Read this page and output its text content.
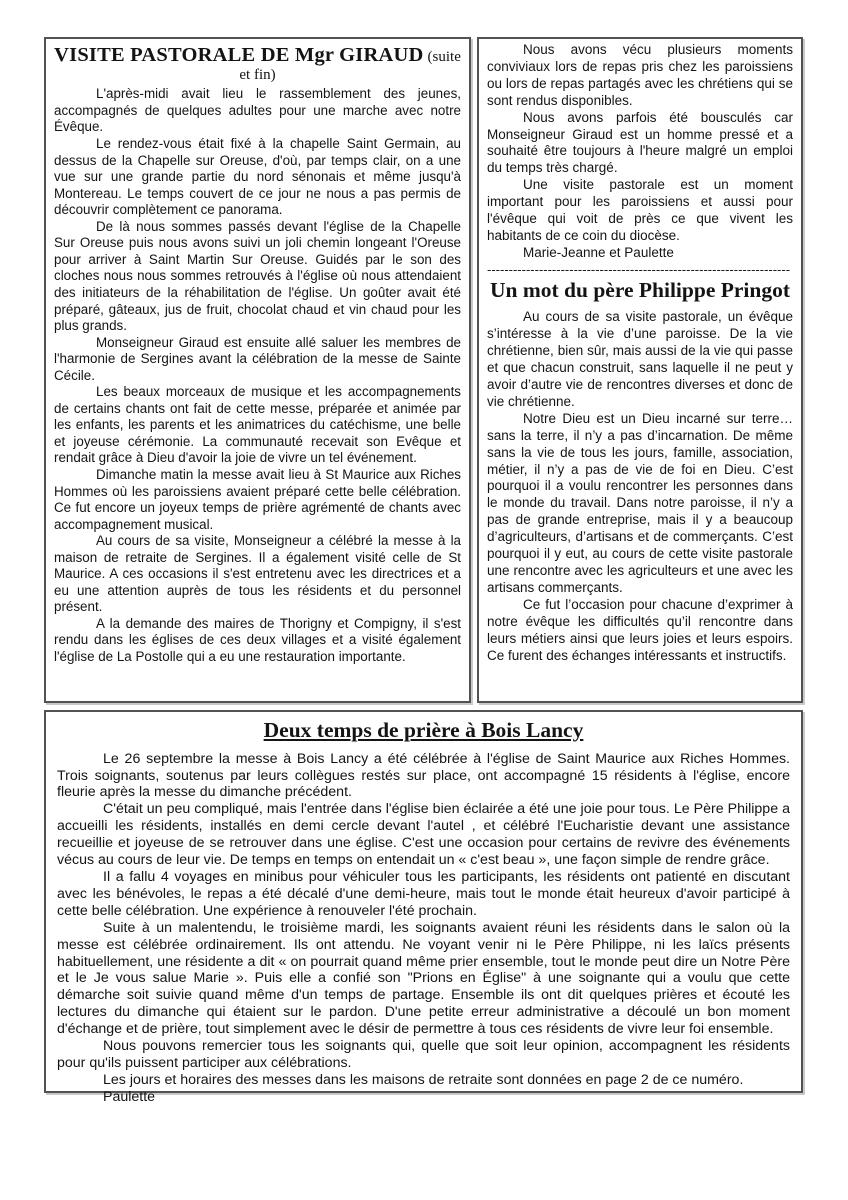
VISITE PASTORALE DE Mgr GIRAUD (suite et fin)

L'après-midi avait lieu le rassemblement des jeunes, accompagnés de quelques adultes pour une marche avec notre Évêque.

Le rendez-vous était fixé à la chapelle Saint Germain, au dessus de la Chapelle sur Oreuse, d'où, par temps clair, on a une vue sur une grande partie du nord sénonais et même jusqu'à Montereau. Le temps couvert de ce jour ne nous a pas permis de découvrir complètement ce panorama.

De là nous sommes passés devant l'église de la Chapelle Sur Oreuse puis nous avons suivi un joli chemin longeant l'Oreuse pour arriver à Saint Martin Sur Oreuse. Guidés par le son des cloches nous nous sommes retrouvés à l'église où nous attendaient des initiateurs de la réhabilitation de l'église. Un goûter avait été préparé, gâteaux, jus de fruit, chocolat chaud et vin chaud pour les plus grands.

Monseigneur Giraud est ensuite allé saluer les membres de l'harmonie de Sergines avant la célébration de la messe de Sainte Cécile.

Les beaux morceaux de musique et les accompagnements de certains chants ont fait de cette messe, préparée et animée par les enfants, les parents et les animatrices du catéchisme, une belle et joyeuse cérémonie. La communauté recevait son Evêque et rendait grâce à Dieu d'avoir la joie de vivre un tel événement.

Dimanche matin la messe avait lieu à St Maurice aux Riches Hommes où les paroissiens avaient préparé cette belle célébration. Ce fut encore un joyeux temps de prière agrémenté de chants avec accompagnement musical.

Au cours de sa visite, Monseigneur a célébré la messe à la maison de retraite de Sergines. Il a également visité celle de St Maurice. A ces occasions il s'est entretenu avec les directrices et a eu une attention auprès de tous les résidents et du personnel présent.

A la demande des maires de Thorigny et Compigny, il s'est rendu dans les églises de ces deux villages et a visité également l'église de La Postolle qui a eu une restauration importante.

Nous avons vécu plusieurs moments conviviaux lors de repas pris chez les paroissiens ou lors de repas partagés avec les chrétiens qui se sont rendus disponibles.

Nous avons parfois été bousculés car Monseigneur Giraud est un homme pressé et a souhaité être toujours à l'heure malgré un emploi du temps très chargé.

Une visite pastorale est un moment important pour les paroissiens et aussi pour l'évêque qui voit de près ce que vivent les habitants de ce coin du diocèse.

Marie-Jeanne et Paulette

----------------------------------------------------------------------
Un mot du père Philippe Pringot

Au cours de sa visite pastorale, un évêque s’intéresse à la vie d’une paroisse. De la vie chrétienne, bien sûr, mais aussi de la vie qui passe et que chacun construit, sans laquelle il ne peut y avoir d’autre vie de rencontres diverses et donc de vie chrétienne.

Notre Dieu est un Dieu incarné sur terre…sans la terre, il n’y a pas d’incarnation. De même sans la vie de tous les jours, famille, association, métier, il n’y a pas de vie de foi en Dieu. C’est pourquoi il a voulu rencontrer les personnes dans le monde du travail. Dans notre paroisse, il n’y a pas de grande entreprise, mais il y a beaucoup d’agriculteurs, d’artisans et de commerçants. C’est pourquoi il y eut, au cours de cette visite pastorale une rencontre avec les agriculteurs et une avec les artisans commerçants.

Ce fut l’occasion pour chacune d’exprimer à notre évêque les difficultés qu’il rencontre dans leurs métiers ainsi que leurs joies et leurs espoirs. Ce furent des échanges intéressants et instructifs.

Deux temps de prière à Bois Lancy

Le 26 septembre la messe à Bois Lancy a été célébrée à l'église de Saint Maurice aux Riches Hommes. Trois soignants, soutenus par leurs collègues restés sur place, ont accompagné 15 résidents à l'église, encore fleurie après la messe du dimanche précédent.

C'était un peu compliqué, mais l'entrée dans l'église bien éclairée a été une joie pour tous. Le Père Philippe a accueilli les résidents, installés en demi cercle devant l'autel , et célébré l'Eucharistie devant une assistance recueillie et joyeuse de se retrouver dans une église. C'est une occasion pour certains de revivre des événements vécus au cours de leur vie. De temps en temps on entendait un « c'est beau », une façon simple de rendre grâce.

Il a fallu 4 voyages en minibus pour véhiculer tous les participants, les résidents ont patienté en discutant avec les bénévoles, le repas a été décalé d'une demi-heure, mais tout le monde était heureux d'avoir participé à cette belle célébration. Une expérience à renouveler l'été prochain.

Suite à un malentendu, le troisième mardi, les soignants avaient réuni les résidents dans le salon où la messe est célébrée ordinairement. Ils ont attendu. Ne voyant venir ni le Père Philippe, ni les laïcs présents habituellement, une résidente a dit « on pourrait quand même prier ensemble, tout le monde peut dire un Notre Père et le Je vous salue Marie ». Puis elle a confié son "Prions en Église" à une soignante qui a voulu que cette démarche soit suivie quand même d'un temps de partage. Ensemble ils ont dit quelques prières et écouté les lectures du dimanche qui étaient sur le pardon. D'une petite erreur administrative a découlé un bon moment d'échange et de prière, tout simplement avec le désir de permettre à tous ces résidents de vivre leur foi ensemble.

Nous pouvons remercier tous les soignants qui, quelle que soit leur opinion, accompagnent les résidents pour qu'ils puissent participer aux célébrations.

Les jours et horaires des messes dans les maisons de retraite sont données en page 2 de ce numéro.

Paulette
